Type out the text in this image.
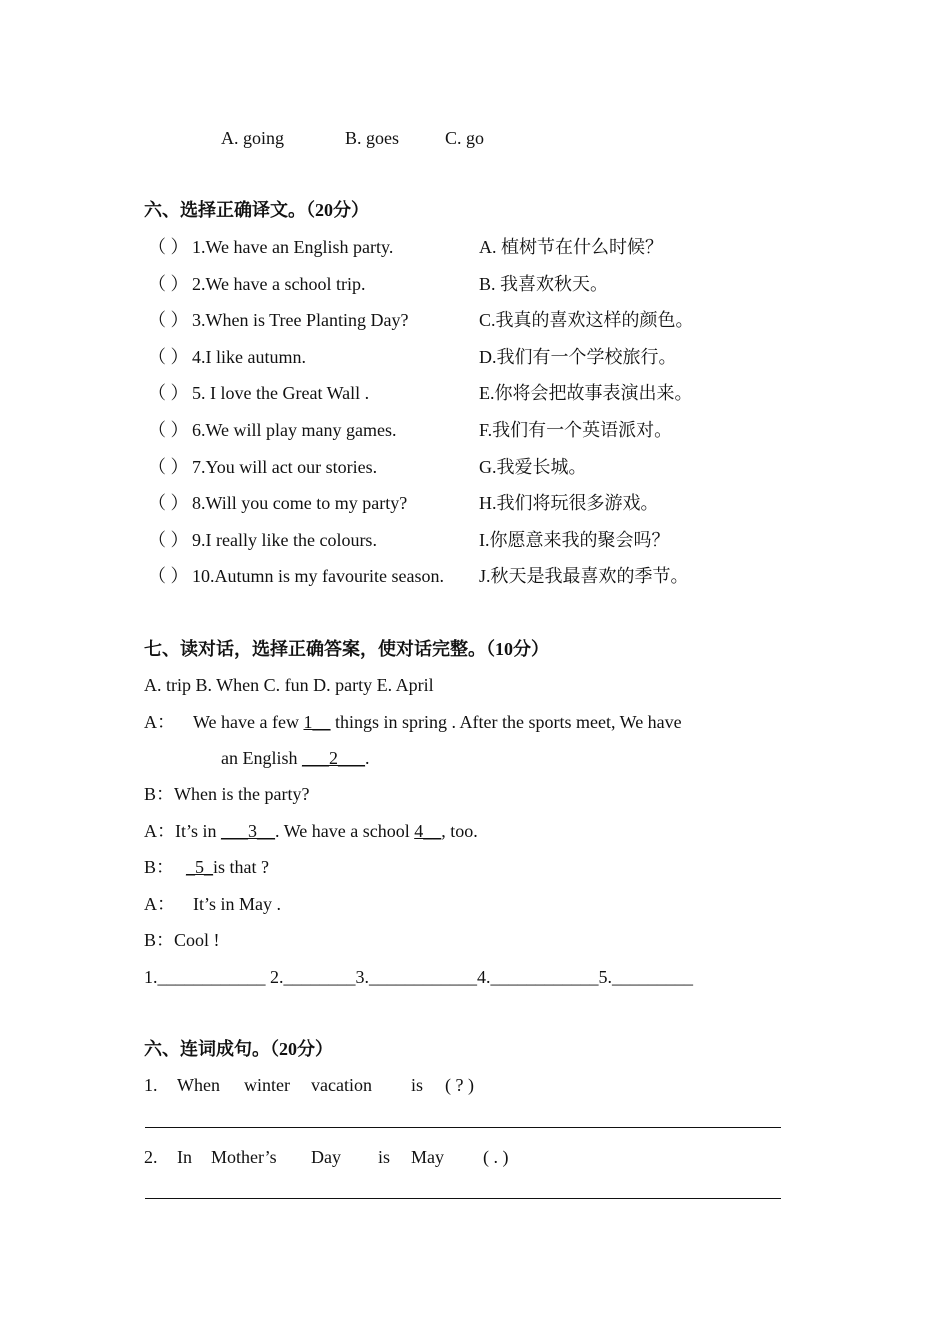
A. going	B. goes	C. go
六、选择正确译文。（20分）
（ ） 1.We have an English party.	A. 植树节在什么时候？
（ ） 2.We have a school trip.	B. 我喜欢秋天。
（ ） 3.When is Tree Planting Day?	C.我真的喜欢这样的颜色。
（ ） 4.I like autumn.	D.我们有一个学校旅行。
（ ） 5. I love the Great Wall .	E.你将会把故事表演出来。
（ ） 6.We will play many games.	F.我们有一个英语派对。
（ ） 7.You will act our stories.	G.我爱长城。
（ ） 8.Will you come to my party?	H.我们将玩很多游戏。
（ ） 9.I really like the colours.	I.你愿意来我的聚会吗？
（ ） 10.Autumn is my favourite season. J.秋天是我最喜欢的季节。
七、读对话，选择正确答案，使对话完整。（10分）
A. trip B. When C. fun D. party E. April
A： We have a few 1__ things in spring . After the sports meet, We have
an English ___2___.
B：When is the party?
A：It’s in ___3__. We have a school 4__, too.
B： _5_is that ?
A： It’s in May .
B：Cool !
1.____________ 2.________3.____________4.____________5._________
六、连词成句。（20分）
1. When winter vacation is ( ? )
2. In Mother’s Day is May ( . )
